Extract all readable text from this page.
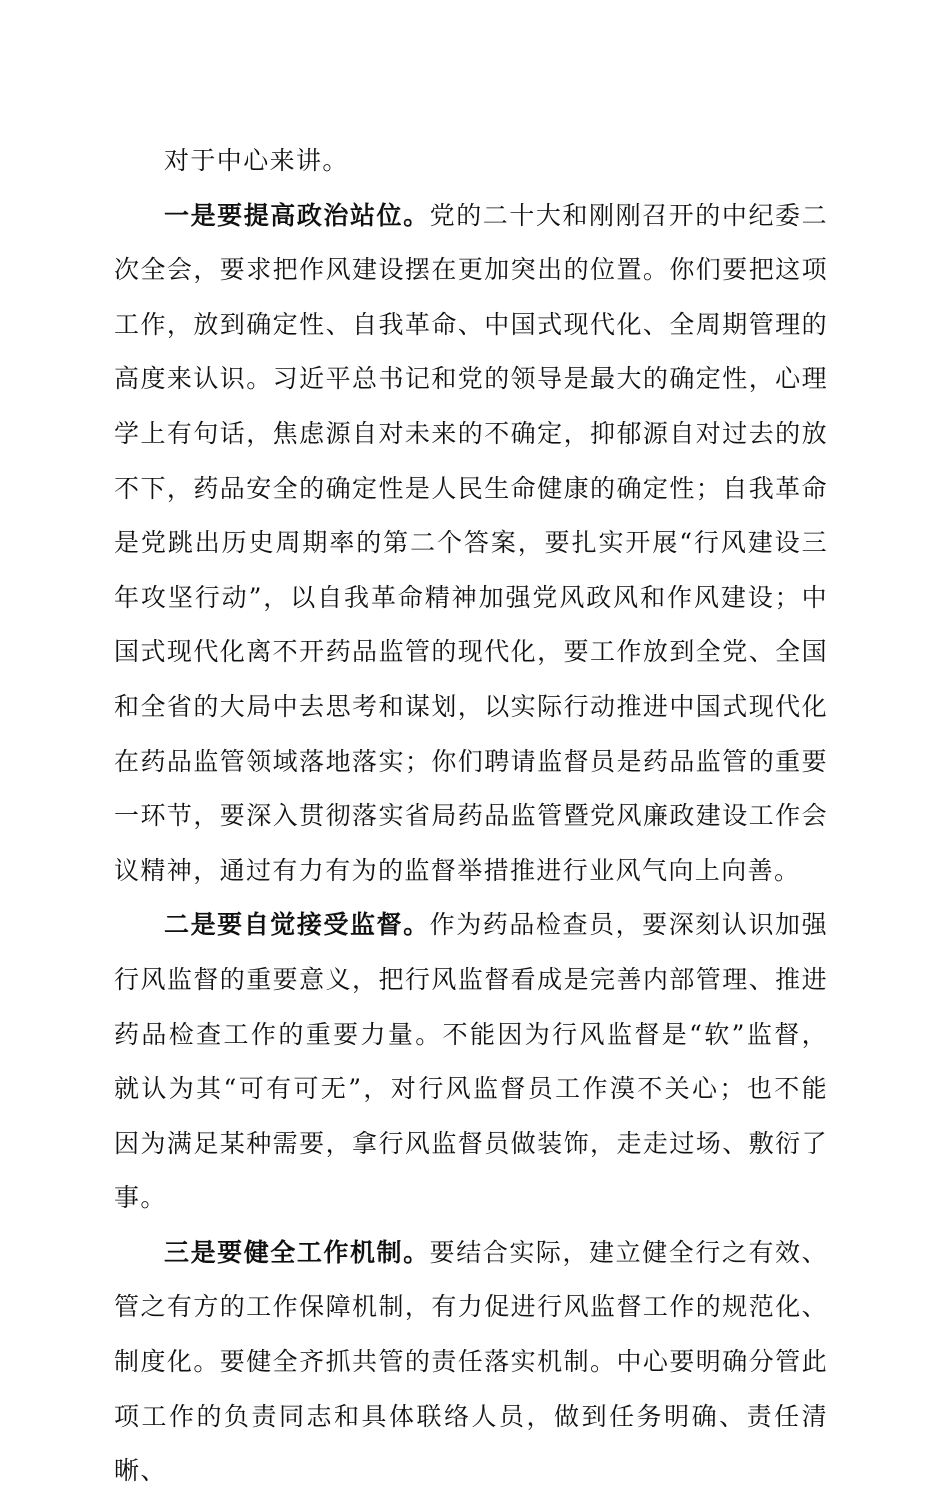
对于中心来讲。

一是要提高政治站位。党的二十大和刚刚召开的中纪委二次全会，要求把作风建设摆在更加突出的位置。你们要把这项工作，放到确定性、自我革命、中国式现代化、全周期管理的高度来认识。习近平总书记和党的领导是最大的确定性，心理学上有句话，焦虑源自对未来的不确定，抑郁源自对过去的放不下，药品安全的确定性是人民生命健康的确定性；自我革命是党跳出历史周期率的第二个答案，要扎实开展“行风建设三年攻坚行动”，以自我革命精神加强党风政风和作风建设；中国式现代化离不开药品监管的现代化，要工作放到全党、全国和全省的大局中去思考和谋划，以实际行动推进中国式现代化在药品监管领域落地落实；你们聘请监督员是药品监管的重要一环节，要深入贯彻落实省局药品监管暨党风廉政建设工作会议精神，通过有力有为的监督举措推进行业风气向上向善。

二是要自觉接受监督。作为药品检查员，要深刻认识加强行风监督的重要意义，把行风监督看成是完善内部管理、推进药品检查工作的重要力量。不能因为行风监督是“软”监督，就认为其“可有可无”，对行风监督员工作漠不关心；也不能因为满足某种需要，拿行风监督员做装饰，走走过场、敷衍了事。

三是要健全工作机制。要结合实际，建立健全行之有效、管之有方的工作保障机制，有力促进行风监督工作的规范化、制度化。要健全齐抓共管的责任落实机制。中心要明确分管此项工作的负责同志和具体联络人员，做到任务明确、责任清晰、
